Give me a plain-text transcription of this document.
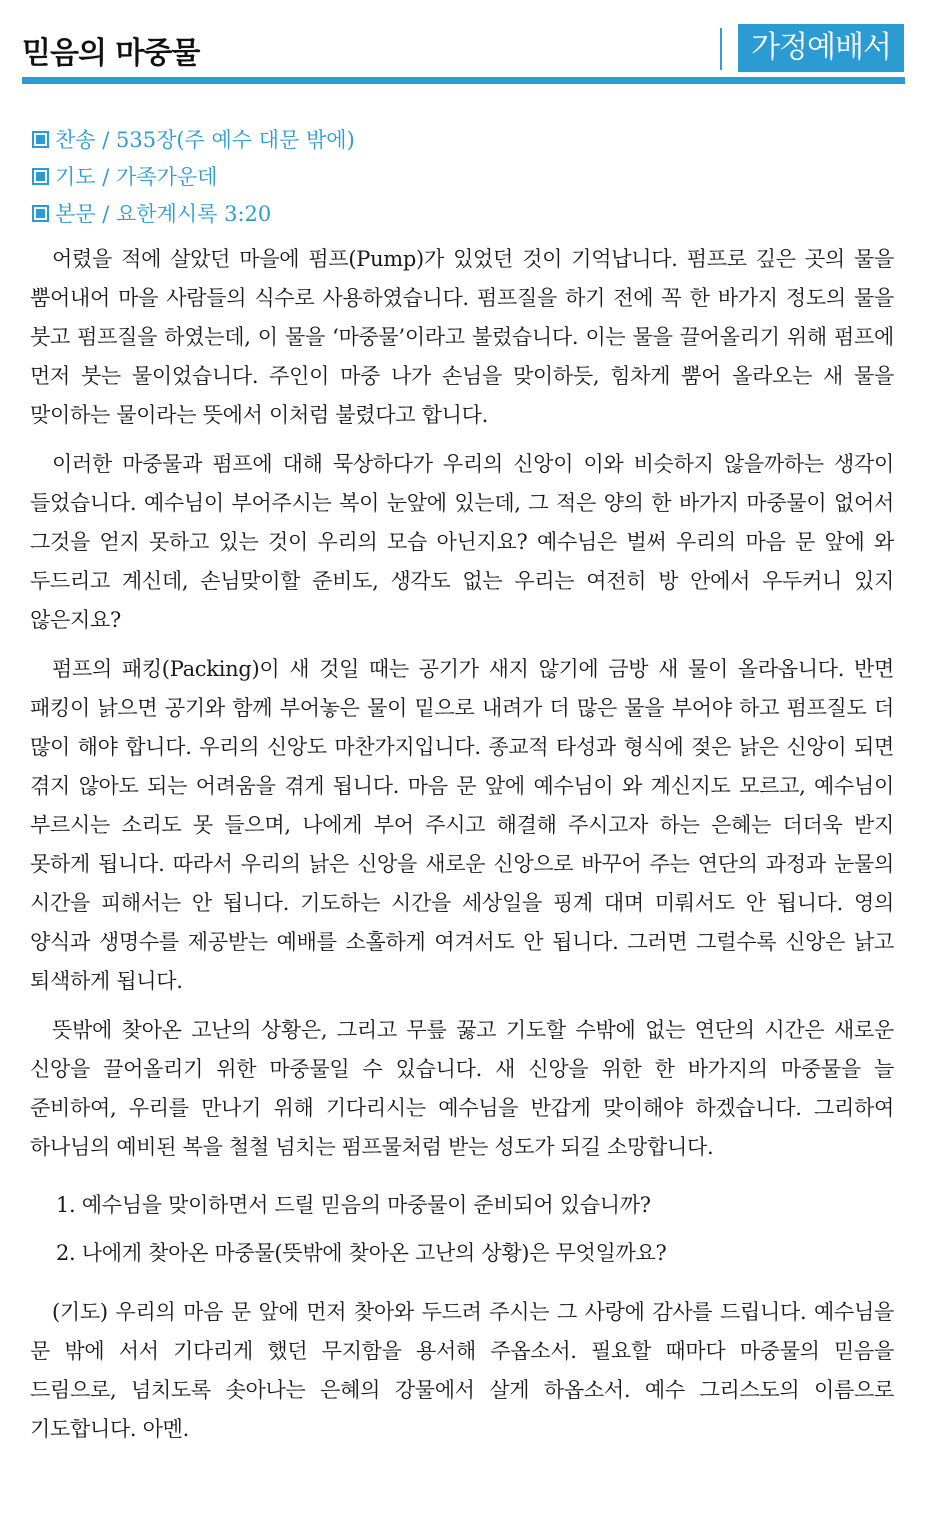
믿음의 마중물	가정예배서
찬송 / 535장(주 예수 대문 밖에)
기도 / 가족가운데
본문 / 요한계시록 3:20

어렸을 적에 살았던 마을에 펌프(Pump)가 있었던 것이 기억납니다. 펌프로 깊은 곳의 물을 뿜어내어 마을 사람들의 식수로 사용하였습니다. 펌프질을 하기 전에 꼭 한 바가지 정도의 물을 붓고 펌프질을 하였는데, 이 물을 ‘마중물’이라고 불렀습니다. 이는 물을 끌어올리기 위해 펌프에 먼저 붓는 물이었습니다. 주인이 마중 나가 손님을 맞이하듯, 힘차게 뿜어 올라오는 새 물을 맞이하는 물이라는 뜻에서 이처럼 불렸다고 합니다.

이러한 마중물과 펌프에 대해 묵상하다가 우리의 신앙이 이와 비슷하지 않을까하는 생각이 들었습니다. 예수님이 부어주시는 복이 눈앞에 있는데, 그 적은 양의 한 바가지 마중물이 없어서 그것을 얻지 못하고 있는 것이 우리의 모습 아닌지요? 예수님은 벌써 우리의 마음 문 앞에 와 두드리고 계신데, 손님맞이할 준비도, 생각도 없는 우리는 여전히 방 안에서 우두커니 있지 않은지요?

펌프의 패킹(Packing)이 새 것일 때는 공기가 새지 않기에 금방 새 물이 올라옵니다. 반면 패킹이 낡으면 공기와 함께 부어놓은 물이 밑으로 내려가 더 많은 물을 부어야 하고 펌프질도 더 많이 해야 합니다. 우리의 신앙도 마찬가지입니다. 종교적 타성과 형식에 젖은 낡은 신앙이 되면 겪지 않아도 되는 어려움을 겪게 됩니다. 마음 문 앞에 예수님이 와 계신지도 모르고, 예수님이 부르시는 소리도 못 들으며, 나에게 부어 주시고 해결해 주시고자 하는 은혜는 더더욱 받지 못하게 됩니다. 따라서 우리의 낡은 신앙을 새로운 신앙으로 바꾸어 주는 연단의 과정과 눈물의 시간을 피해서는 안 됩니다. 기도하는 시간을 세상일을 핑계 대며 미뤄서도 안 됩니다. 영의 양식과 생명수를 제공받는 예배를 소홀하게 여겨서도 안 됩니다. 그러면 그럴수록 신앙은 낡고 퇴색하게 됩니다.

뜻밖에 찾아온 고난의 상황은, 그리고 무릎 꿇고 기도할 수밖에 없는 연단의 시간은 새로운 신앙을 끌어올리기 위한 마중물일 수 있습니다. 새 신앙을 위한 한 바가지의 마중물을 늘 준비하여, 우리를 만나기 위해 기다리시는 예수님을 반갑게 맞이해야 하겠습니다. 그리하여 하나님의 예비된 복을 철철 넘치는 펌프물처럼 받는 성도가 되길 소망합니다.

1. 예수님을 맞이하면서 드릴 믿음의 마중물이 준비되어 있습니까?
2. 나에게 찾아온 마중물(뜻밖에 찾아온 고난의 상황)은 무엇일까요?

(기도) 우리의 마음 문 앞에 먼저 찾아와 두드려 주시는 그 사랑에 감사를 드립니다. 예수님을 문 밖에 서서 기다리게 했던 무지함을 용서해 주옵소서. 필요할 때마다 마중물의 믿음을 드림으로, 넘치도록 솟아나는 은혜의 강물에서 살게 하옵소서. 예수 그리스도의 이름으로 기도합니다. 아멘.
